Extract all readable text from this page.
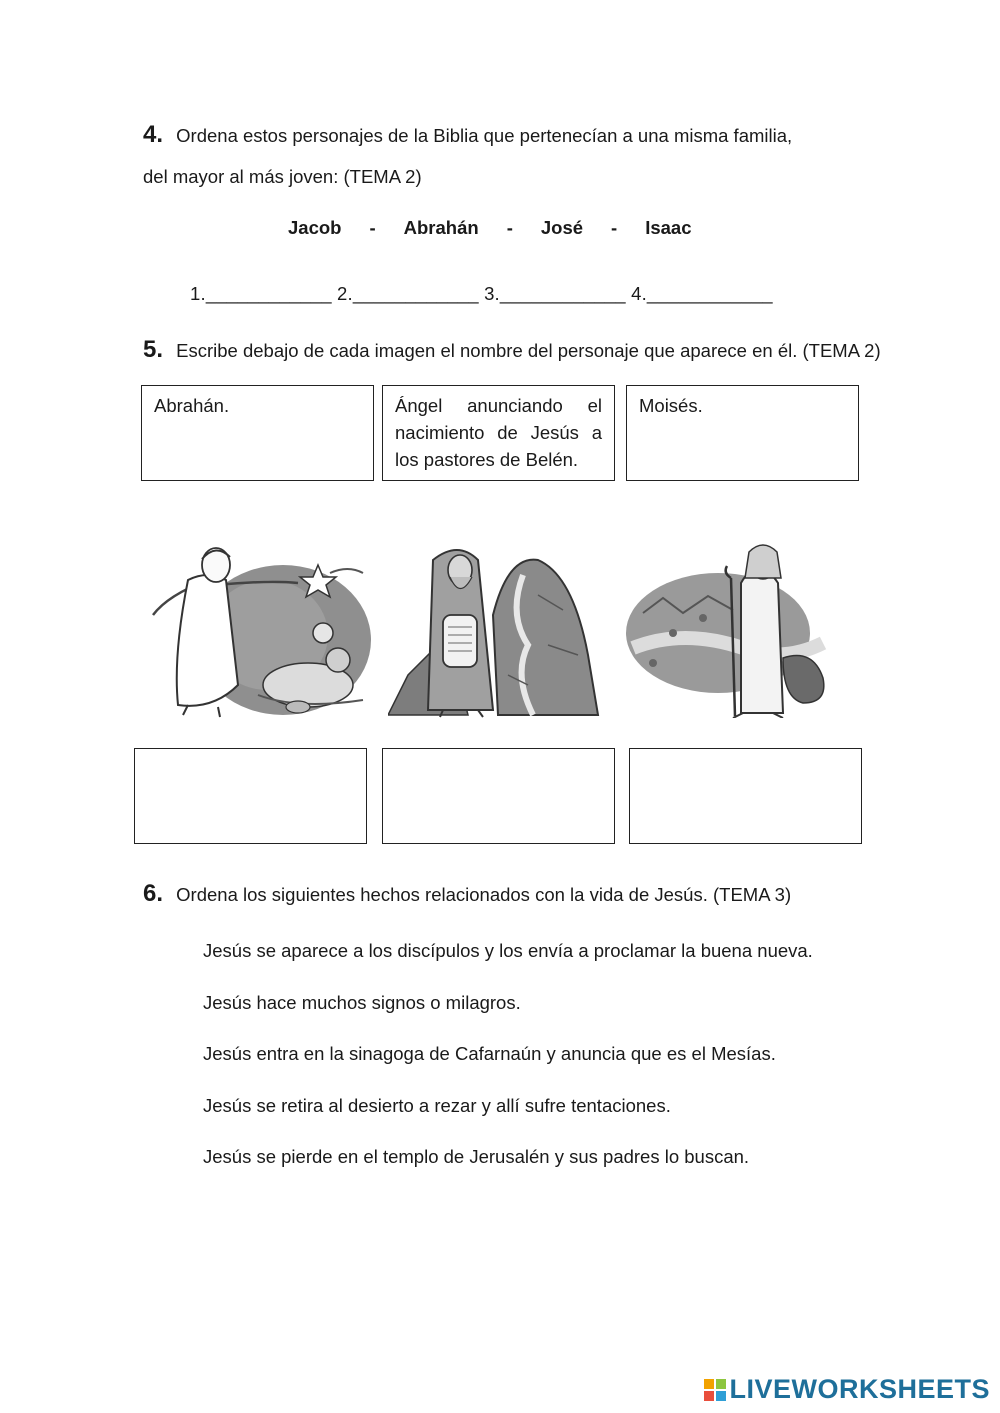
4. Ordena estos personajes de la Biblia que pertenecían a una misma familia,
del mayor al más joven: (TEMA 2)
Jacob - Abrahán - José - Isaac
1.____________ 2.____________ 3.____________ 4.____________
5. Escribe debajo de cada imagen el nombre del personaje que aparece en él. (TEMA 2)
Abrahán.	Ángel anunciando el nacimiento de Jesús a los pastores de Belén.
Moisés.
6. Ordena los siguientes hechos relacionados con la vida de Jesús. (TEMA 3)
Jesús se aparece a los discípulos y los envía a proclamar la buena nueva.
Jesús hace muchos signos o milagros.
Jesús entra en la sinagoga de Cafarnaún y anuncia que es el Mesías.
Jesús se retira al desierto a rezar y allí sufre tentaciones.
Jesús se pierde en el templo de Jerusalén y sus padres lo buscan.
LIVEWORKSHEETS
